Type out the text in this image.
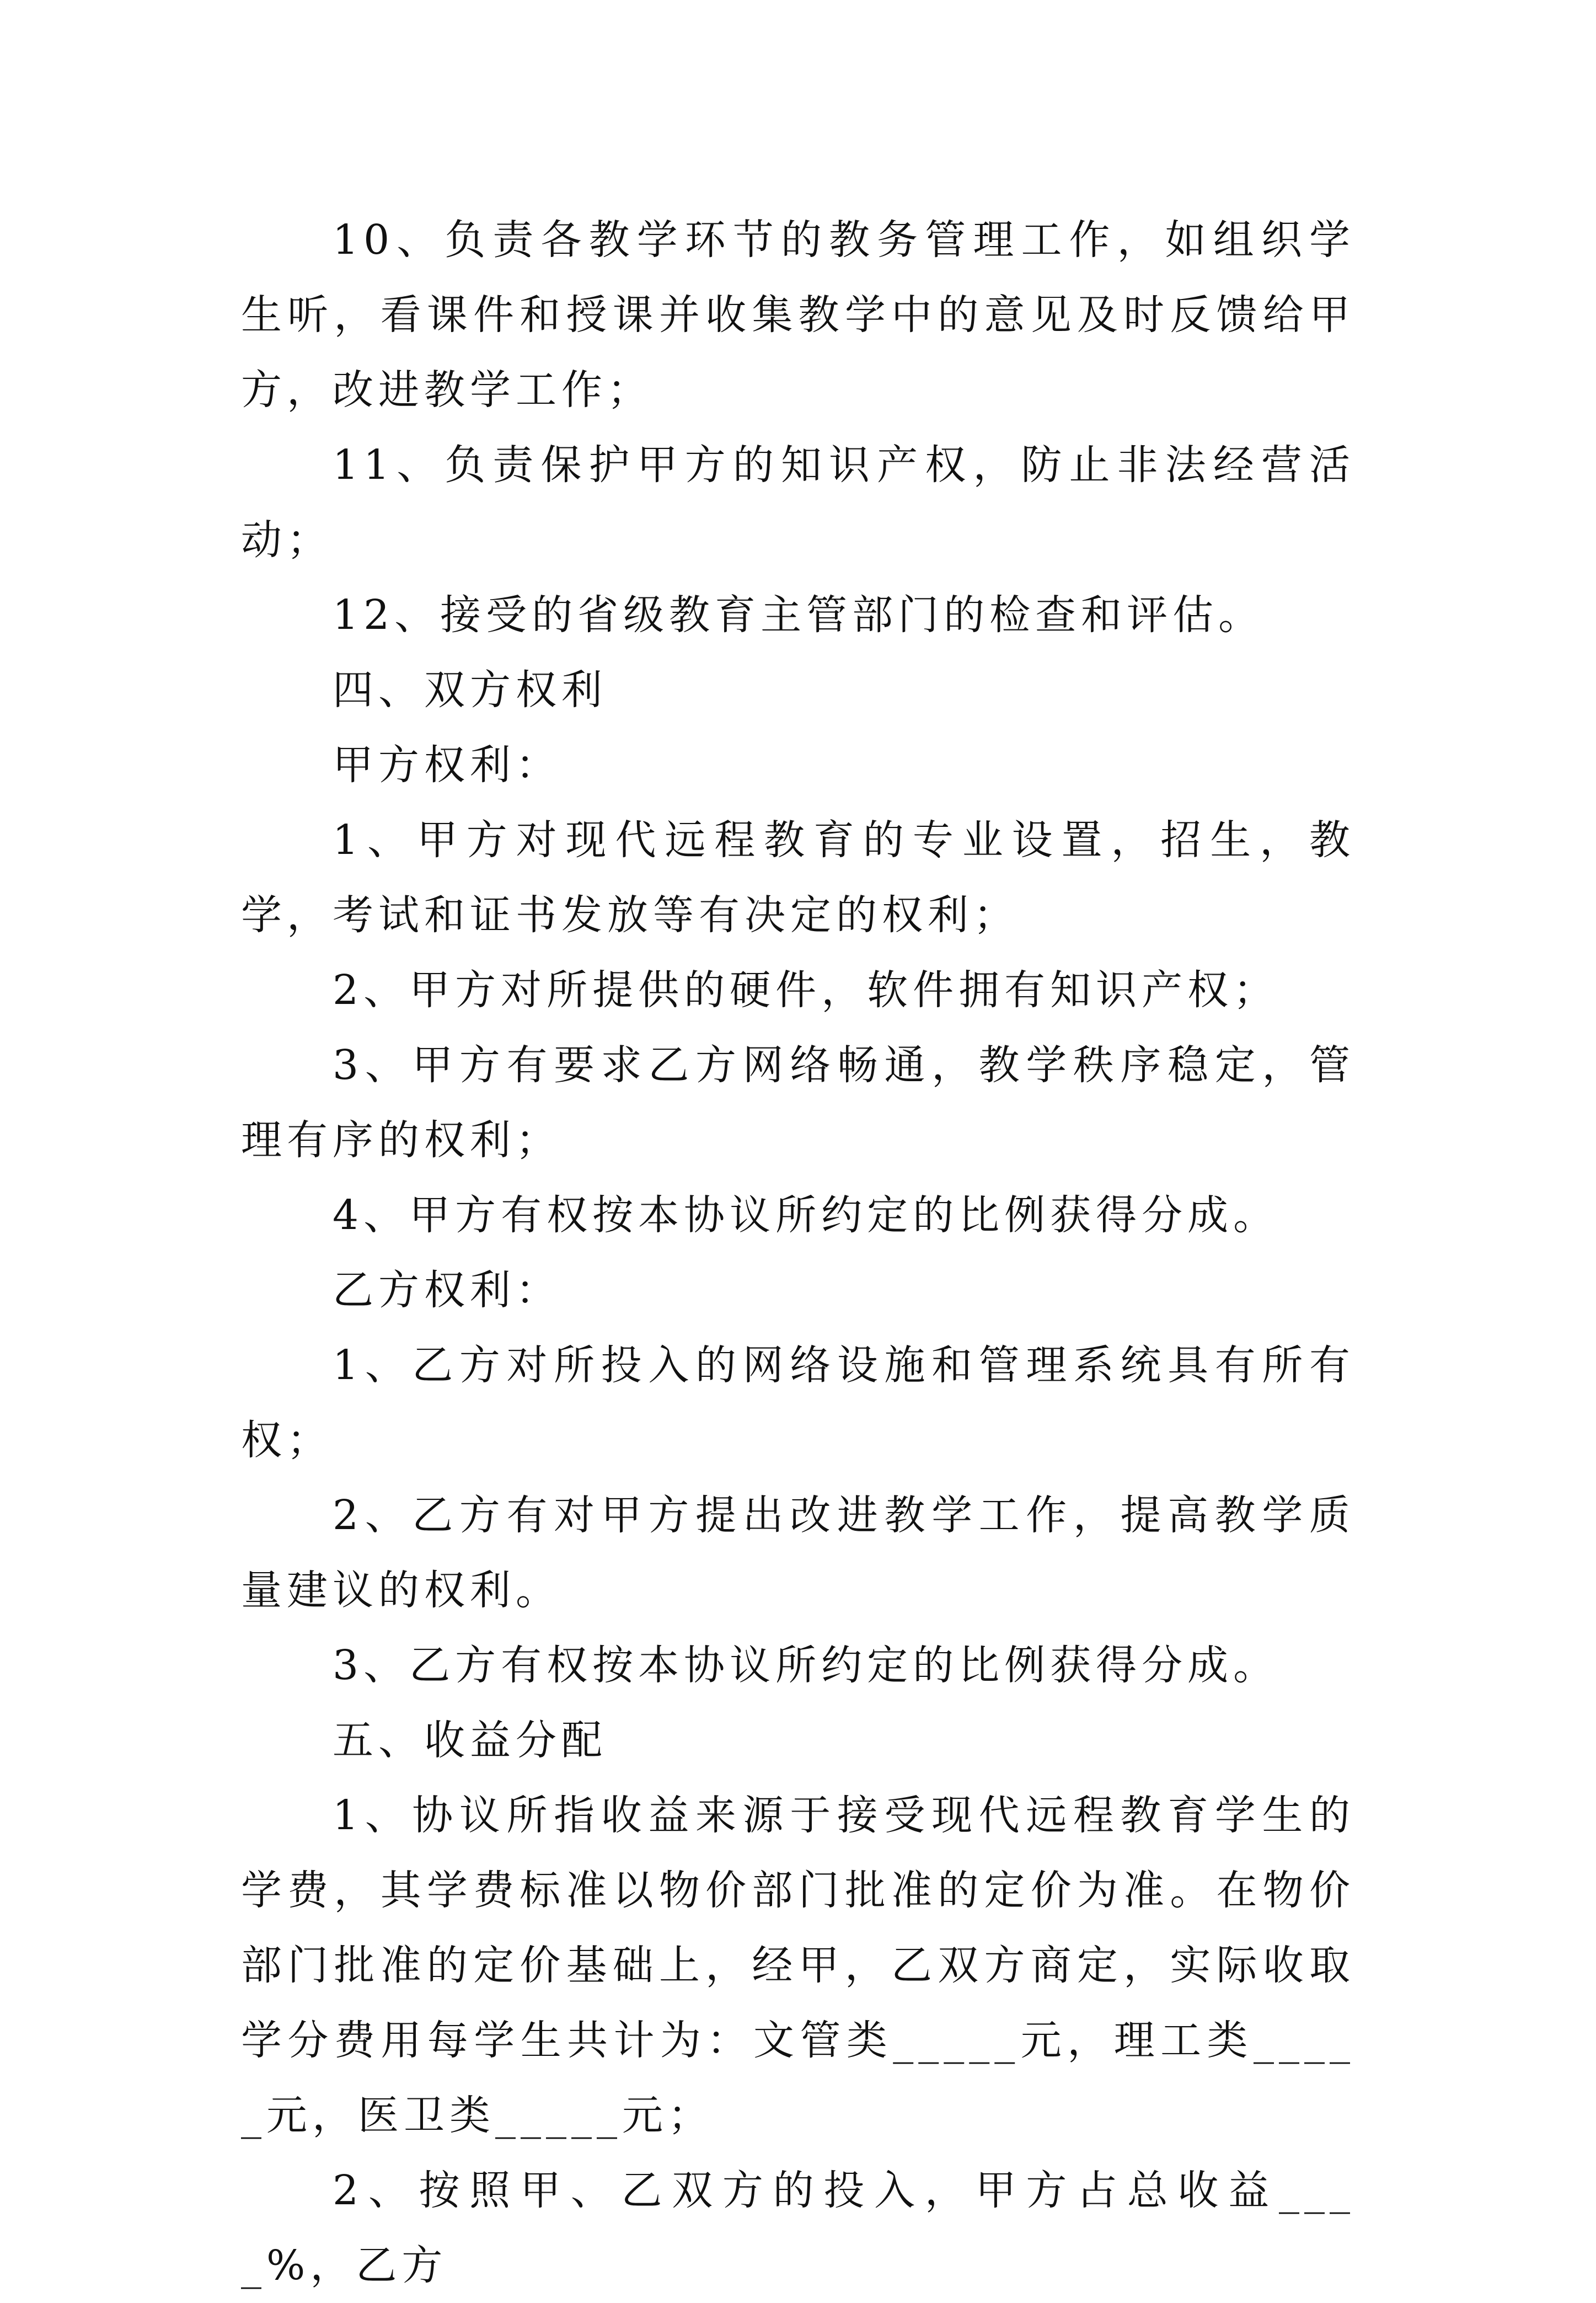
10、负责各教学环节的教务管理工作，如组织学生听，看课件和授课并收集教学中的意见及时反馈给甲方，改进教学工作；

11、负责保护甲方的知识产权，防止非法经营活动；

12、接受的省级教育主管部门的检查和评估。

四、双方权利

甲方权利：

1、甲方对现代远程教育的专业设置，招生，教学，考试和证书发放等有决定的权利；

2、甲方对所提供的硬件，软件拥有知识产权；

3、甲方有要求乙方网络畅通，教学秩序稳定，管理有序的权利；

4、甲方有权按本协议所约定的比例获得分成。

乙方权利：

1、乙方对所投入的网络设施和管理系统具有所有权；

2、乙方有对甲方提出改进教学工作，提高教学质量建议的权利。

3、乙方有权按本协议所约定的比例获得分成。

五、收益分配

1、协议所指收益来源于接受现代远程教育学生的学费，其学费标准以物价部门批准的定价为准。在物价部门批准的定价基础上，经甲，乙双方商定，实际收取学分费用每学生共计为：文管类_____元，理工类_____元，医卫类_____元；

2、按照甲、乙双方的投入，甲方占总收益____%，乙方
